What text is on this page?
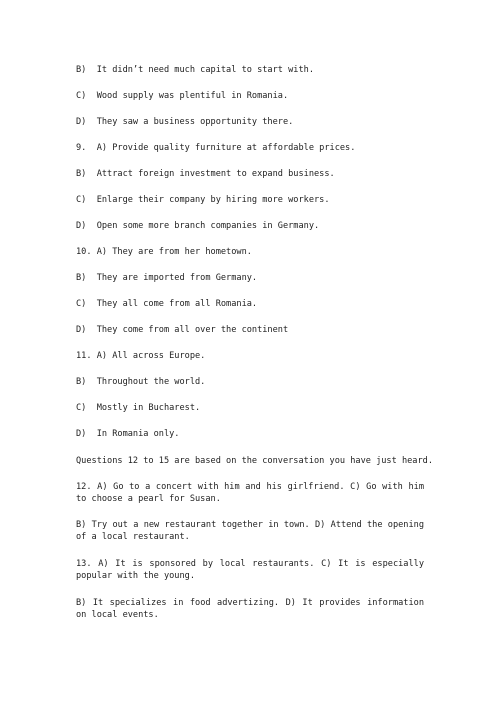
B)  It didn’t need much capital to start with.
C)  Wood supply was plentiful in Romania.
D)  They saw a business opportunity there.
9.  A) Provide quality furniture at affordable prices.
B)  Attract foreign investment to expand business.
C)  Enlarge their company by hiring more workers.
D)  Open some more branch companies in Germany.
10. A) They are from her hometown.
B)  They are imported from Germany.
C)  They all come from all Romania.
D)  They come from all over the continent
11. A) All across Europe.
B)  Throughout the world.
C)  Mostly in Bucharest.
D)  In Romania only.
Questions 12 to 15 are based on the conversation you have just heard.
12. A) Go to a concert with him and his girlfriend. C) Go with him to choose a pearl for Susan.
B) Try out a new restaurant together in town. D) Attend the opening of a local restaurant.
13. A) It is sponsored by local restaurants. C) It is especially popular with the young.
B) It specializes in food advertizing. D) It provides information on local events.
